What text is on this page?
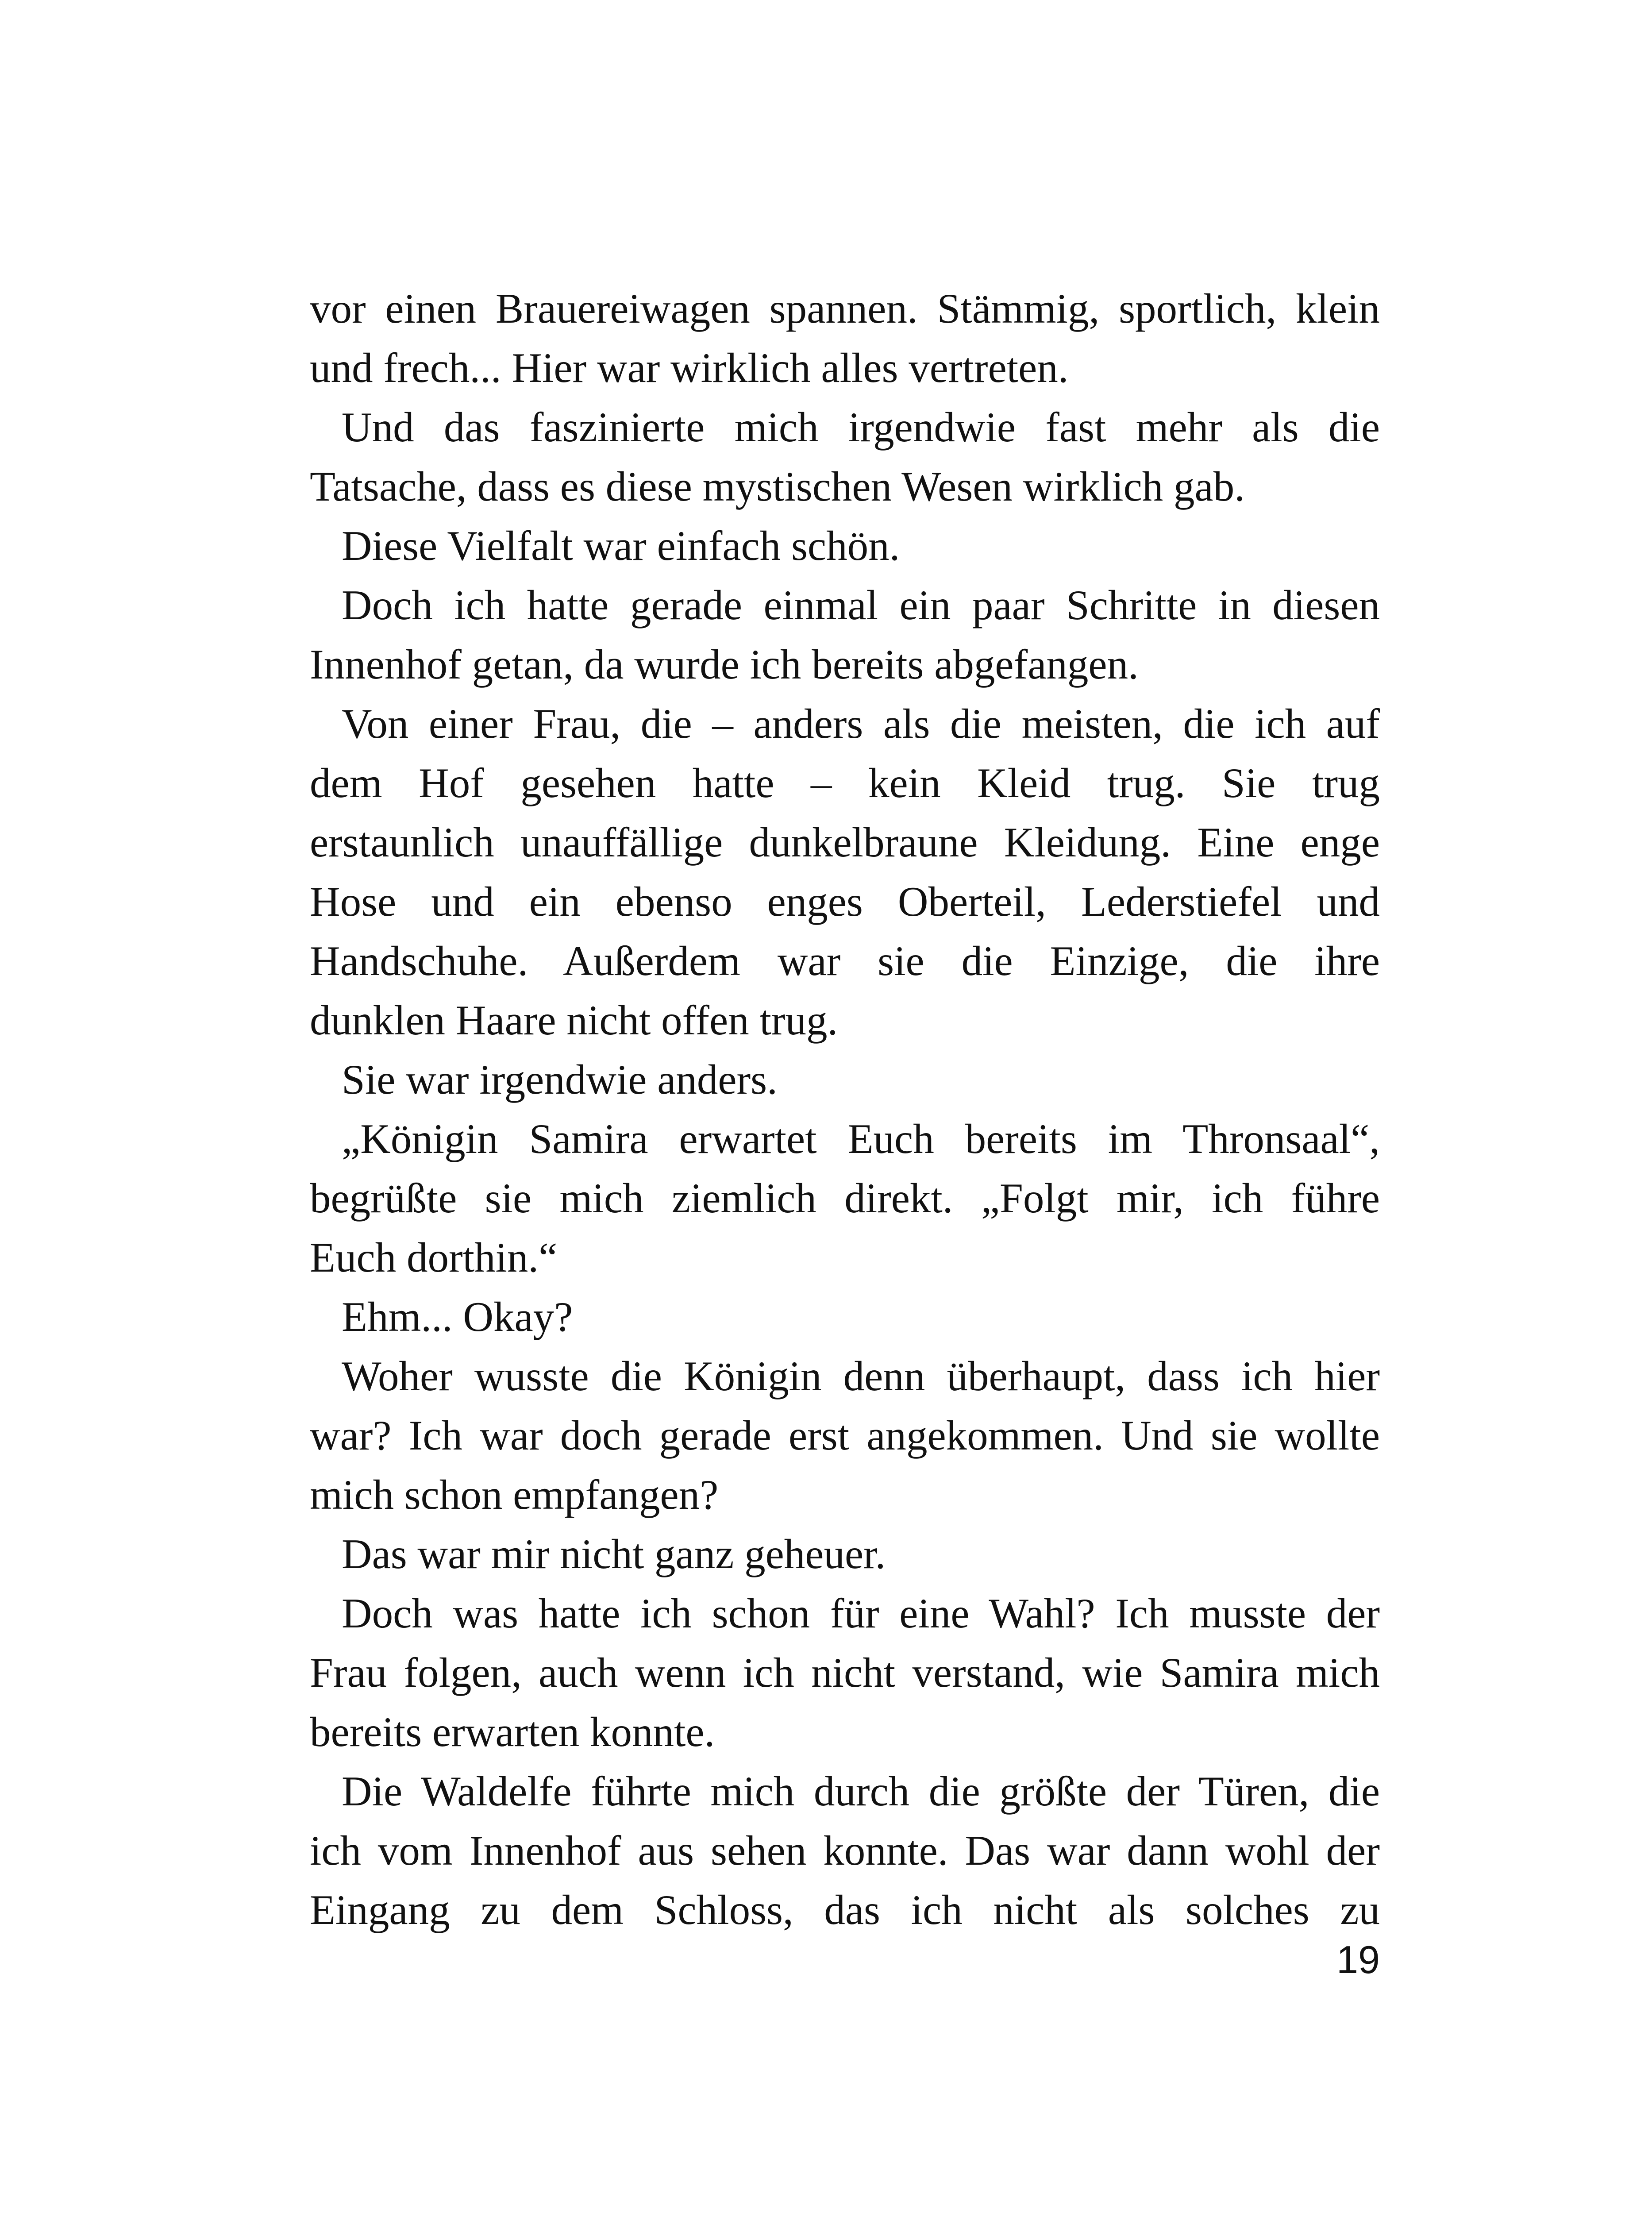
vor einen Brauereiwagen spannen. Stämmig, sportlich, klein
und frech... Hier war wirklich alles vertreten.
Und das faszinierte mich irgendwie fast mehr als die
Tatsache, dass es diese mystischen Wesen wirklich gab.
Diese Vielfalt war einfach schön.
Doch ich hatte gerade einmal ein paar Schritte in diesen
Innenhof getan, da wurde ich bereits abgefangen.
Von einer Frau, die – anders als die meisten, die ich auf
dem Hof gesehen hatte – kein Kleid trug. Sie trug
erstaunlich unauffällige dunkelbraune Kleidung. Eine enge
Hose und ein ebenso enges Oberteil, Lederstiefel und
Handschuhe. Außerdem war sie die Einzige, die ihre
dunklen Haare nicht offen trug.
Sie war irgendwie anders.
„Königin Samira erwartet Euch bereits im Thronsaal“,
begrüßte sie mich ziemlich direkt. „Folgt mir, ich führe
Euch dorthin.“
Ehm... Okay?
Woher wusste die Königin denn überhaupt, dass ich hier
war? Ich war doch gerade erst angekommen. Und sie wollte
mich schon empfangen?
Das war mir nicht ganz geheuer.
Doch was hatte ich schon für eine Wahl? Ich musste der
Frau folgen, auch wenn ich nicht verstand, wie Samira mich
bereits erwarten konnte.
Die Waldelfe führte mich durch die größte der Türen, die
ich vom Innenhof aus sehen konnte. Das war dann wohl der
Eingang zu dem Schloss, das ich nicht als solches zu
19
